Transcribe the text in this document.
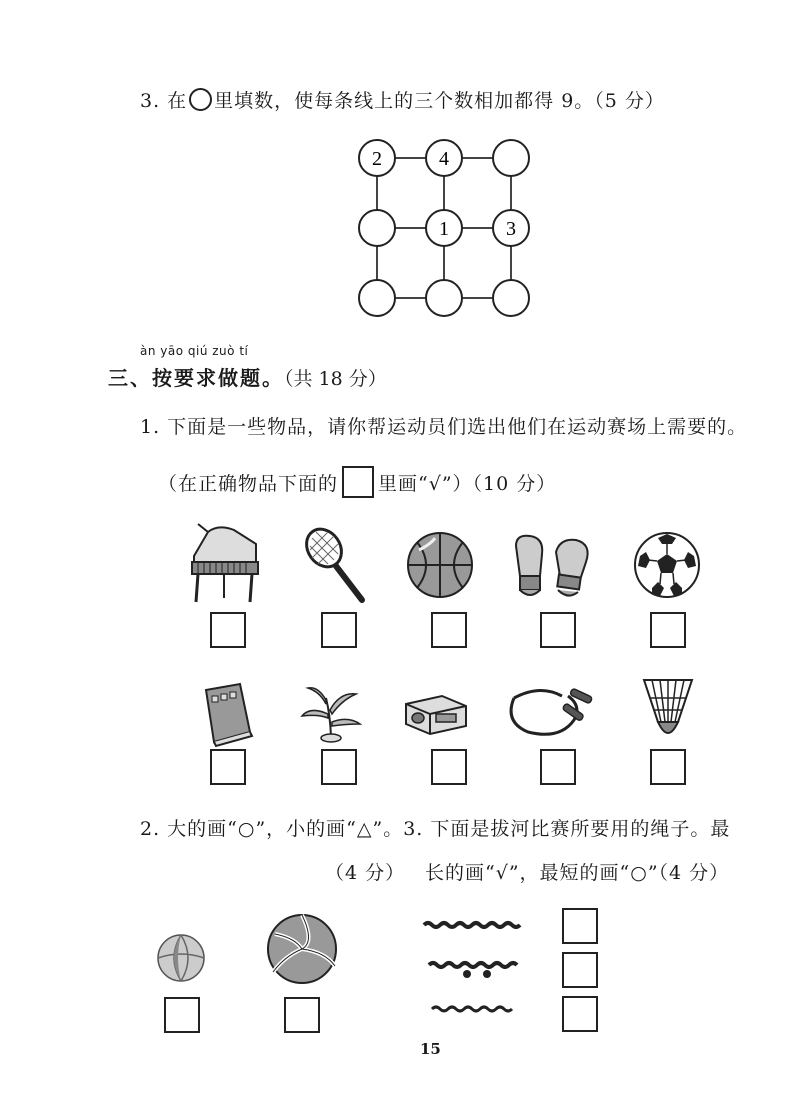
3. 在 里填数，使每条线上的三个数相加都得 9。（5 分）
2	4
1	3
àn yāo qiú zuò tí
三、按要求做题。（共 18 分）
1. 下面是一些物品，请你帮运动员们选出他们在运动赛场上需要的。
（在正确物品下面的 里画“√”）（10 分）
2. 大的画“○”，小的画“△”。3. 下面是拔河比赛所要用的绳子。最
（4 分） 长的画“√”，最短的画“○”（4 分）
15
